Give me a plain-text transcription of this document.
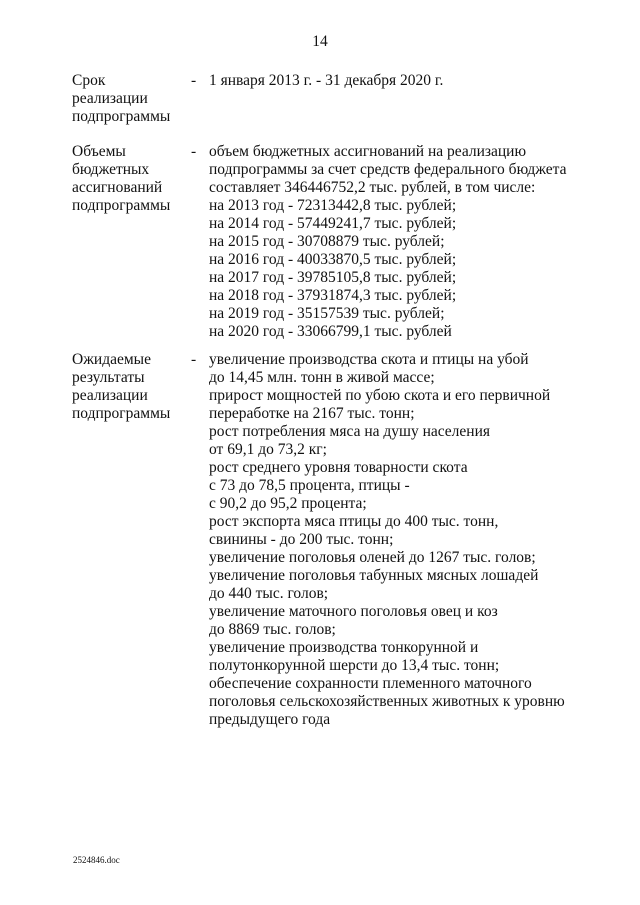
14
Срок
реализации
подпрограммы
- 1 января 2013 г. - 31 декабря 2020 г.
Объемы
бюджетных
ассигнований
подпрограммы
- объем бюджетных ассигнований на реализацию
подпрограммы за счет средств федерального бюджета
составляет 346446752,2 тыс. рублей, в том числе:
на 2013 год - 72313442,8 тыс. рублей;
на 2014 год - 57449241,7 тыс. рублей;
на 2015 год - 30708879 тыс. рублей;
на 2016 год - 40033870,5 тыс. рублей;
на 2017 год - 39785105,8 тыс. рублей;
на 2018 год - 37931874,3 тыс. рублей;
на 2019 год - 35157539 тыс. рублей;
на 2020 год - 33066799,1 тыс. рублей
Ожидаемые
результаты
реализации
подпрограммы
- увеличение производства скота и птицы на убой
до 14,45 млн. тонн в живой массе;
прирост мощностей по убою скота и его первичной
переработке на 2167 тыс. тонн;
рост потребления мяса на душу населения
от 69,1 до 73,2 кг;
рост среднего уровня товарности скота
с 73 до 78,5 процента, птицы -
с 90,2 до 95,2 процента;
рост экспорта мяса птицы до 400 тыс. тонн,
свинины - до 200 тыс. тонн;
увеличение поголовья оленей до 1267 тыс. голов;
увеличение поголовья табунных мясных лошадей
до 440 тыс. голов;
увеличение маточного поголовья овец и коз
до 8869 тыс. голов;
увеличение производства тонкорунной и
полутонкорунной шерсти до 13,4 тыс. тонн;
обеспечение сохранности племенного маточного
поголовья сельскохозяйственных животных к уровню
предыдущего года
2524846.doc
